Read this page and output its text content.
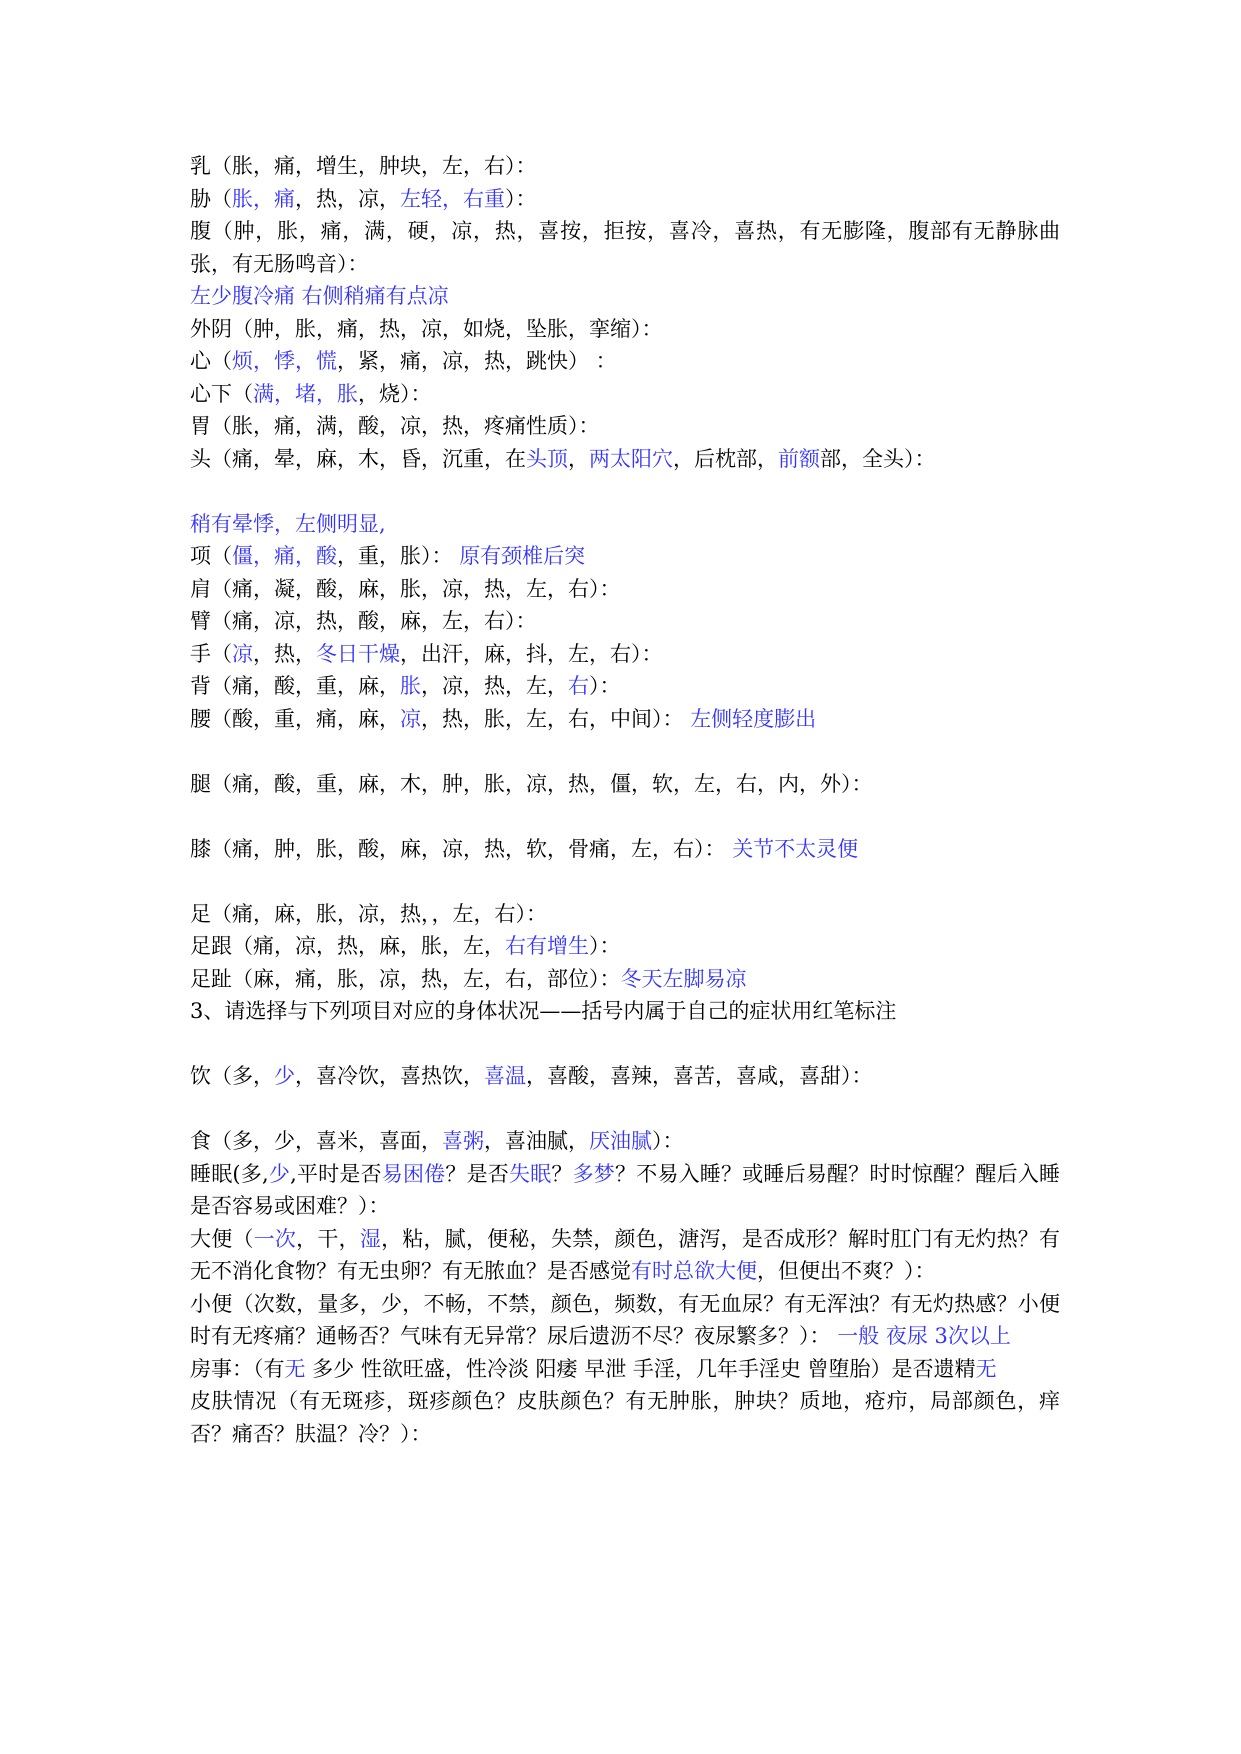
乳（胀，痛，增生，肿块，左，右）：
胁（胀，痛，热，凉，左轻，右重）：
腹（肿，胀，痛，满，硬，凉，热，喜按，拒按，喜冷，喜热，有无膨隆，腹部有无静脉曲张，有无肠鸣音）：
左少腹冷痛 右侧稍痛有点凉
外阴（肿，胀，痛，热，凉，如烧，坠胀，挛缩）：
心（烦，悸，慌，紧，痛，凉，热，跳快） ：
心下（满，堵，胀，烧）：
胃（胀，痛，满，酸，凉，热，疼痛性质）：
头（痛，晕，麻，木，昏，沉重，在头顶，两太阳穴，后枕部，前额部，全头）：
稍有晕悸，左侧明显,
项（僵，痛，酸，重，胀）： 原有颈椎后突
肩（痛，凝，酸，麻，胀，凉，热，左，右）：
臂（痛，凉，热，酸，麻，左，右）：
手（凉，热，冬日干燥，出汗，麻，抖，左，右）：
背（痛，酸，重，麻，胀，凉，热，左，右）：
腰（酸，重，痛，麻，凉，热，胀，左，右，中间）： 左侧轻度膨出
腿（痛，酸，重，麻，木，肿，胀，凉，热，僵，软，左，右，内，外）：
膝（痛，肿，胀，酸，麻，凉，热，软，骨痛，左，右）： 关节不太灵便
足（痛，麻，胀，凉，热，，左，右）：
足跟（痛，凉，热，麻，胀，左，右有增生）：
足趾（麻，痛，胀，凉，热，左，右，部位）：冬天左脚易凉
3、请选择与下列项目对应的身体状况——括号内属于自己的症状用红笔标注
饮（多，少，喜冷饮，喜热饮，喜温，喜酸，喜辣，喜苦，喜咸，喜甜）：
食（多，少，喜米，喜面，喜粥，喜油腻，厌油腻）：
睡眠(多,少,平时是否易困倦？是否失眠？多梦？不易入睡？或睡后易醒？时时惊醒？醒后入睡是否容易或困难？）：
大便（一次，干，湿，粘，腻，便秘，失禁，颜色，溏泻，是否成形？解时肛门有无灼热？有无不消化食物？有无虫卵？有无脓血？是否感觉有时总欲大便，但便出不爽？）：
小便（次数，量多，少，不畅，不禁，颜色，频数，有无血尿？有无浑浊？有无灼热感？小便时有无疼痛？通畅否？气味有无异常？尿后遗沥不尽？夜尿繁多？）： 一般 夜尿 3次以上
房事：（有无 多少 性欲旺盛，性冷淡 阳痿 早泄 手淫，几年手淫史 曾堕胎）是否遗精无
皮肤情况（有无斑疹，斑疹颜色？皮肤颜色？有无肿胀，肿块？质地，疮疖，局部颜色，痒否？痛否？肤温？冷？）：
